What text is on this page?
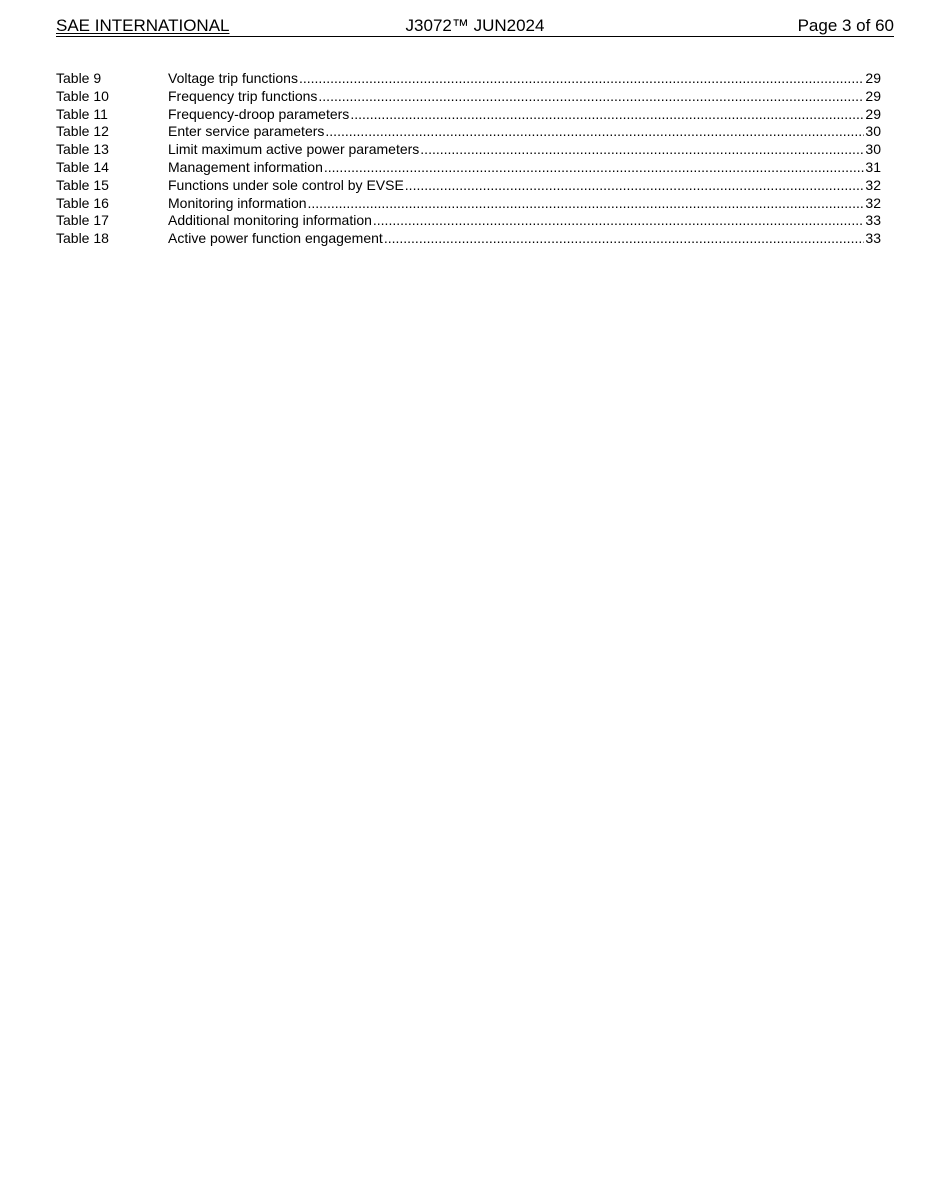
SAE INTERNATIONAL	J3072™ JUN2024	Page 3 of 60
Table 9	Voltage trip functions .....	29
Table 10	Frequency trip functions .....	29
Table 11	Frequency-droop parameters .....	29
Table 12	Enter service parameters .....	30
Table 13	Limit maximum active power parameters .....	30
Table 14	Management information .....	31
Table 15	Functions under sole control by EVSE .....	32
Table 16	Monitoring information .....	32
Table 17	Additional monitoring information .....	33
Table 18	Active power function engagement .....	33
